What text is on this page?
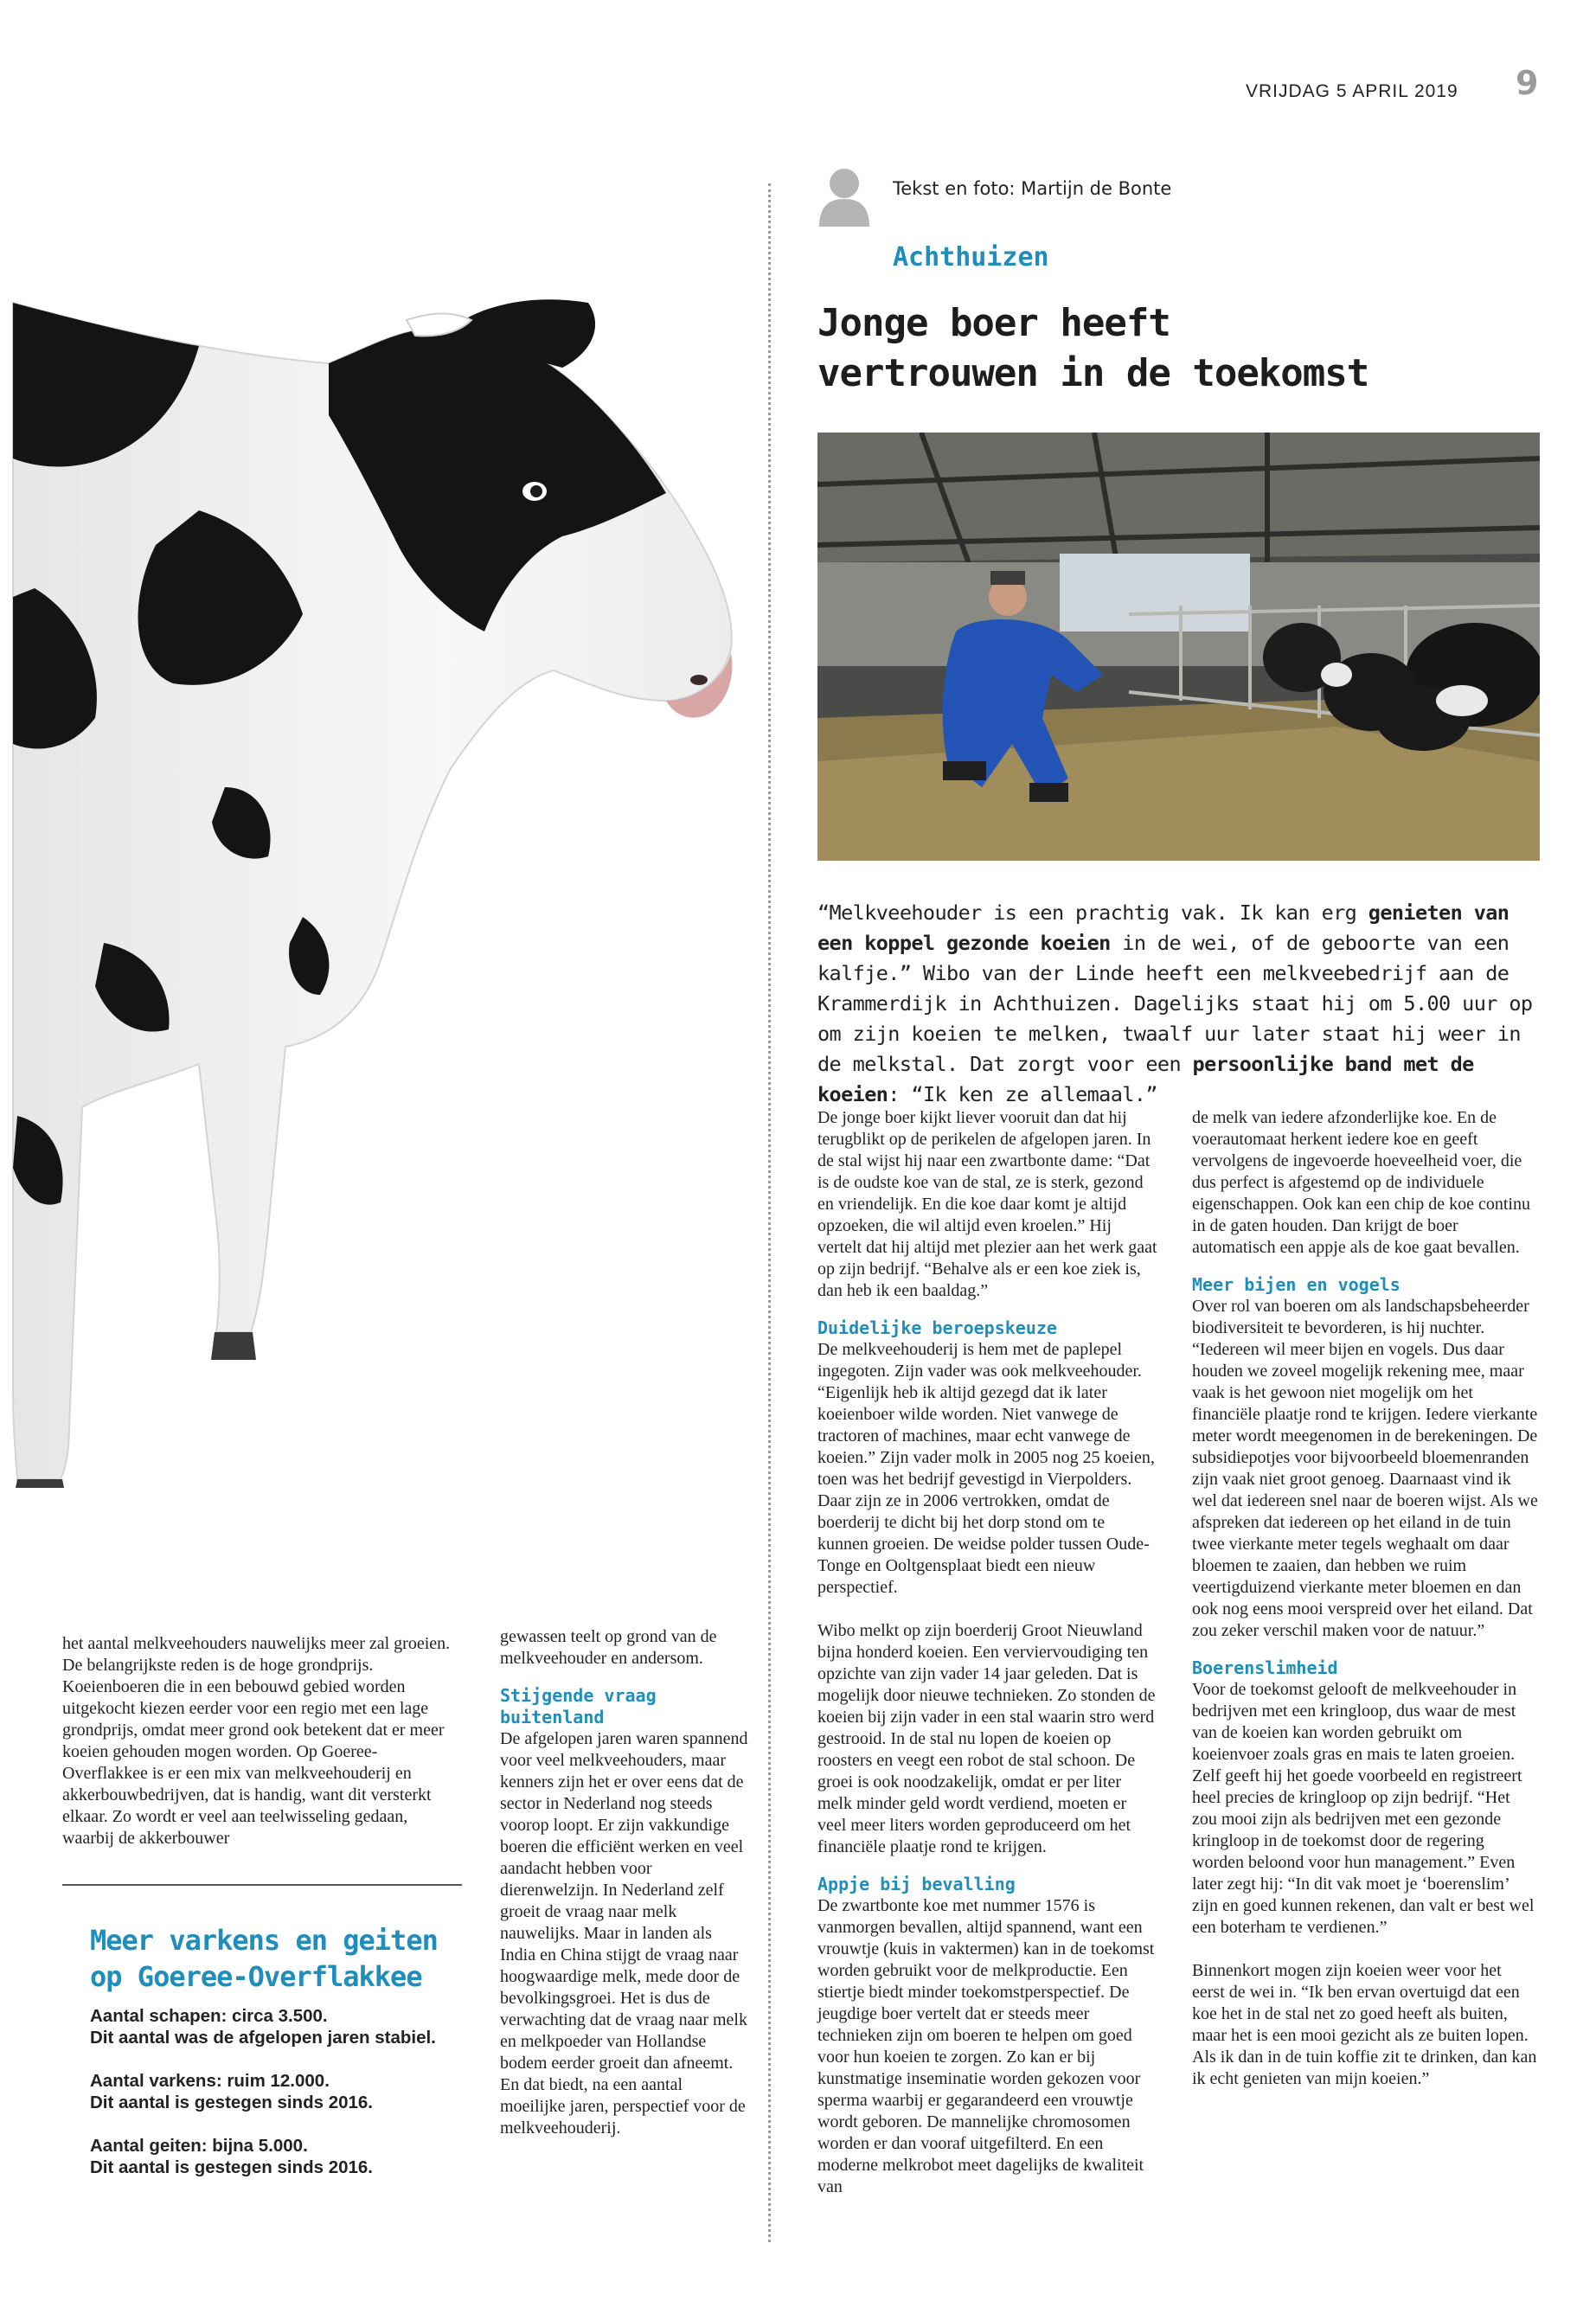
VRIJDAG 5 APRIL 2019 9
Tekst en foto: Martijn de Bonte
Achthuizen
Jonge boer heeft
vertrouwen in de toekomst
“Melkveehouder is een prachtig vak. Ik kan erg genieten van een koppel gezonde koeien in de wei, of de geboorte van een kalfje.” Wibo van der Linde heeft een melkveebedrijf aan de Krammerdijk in Achthuizen. Dagelijks staat hij om 5.00 uur op om zijn koeien te melken, twaalf uur later staat hij weer in de melkstal. Dat zorgt voor een persoonlijke band met de koeien: “Ik ken ze allemaal.”

De jonge boer kijkt liever vooruit dan dat hij terugblikt op de perikelen de afgelopen jaren. In de stal wijst hij naar een zwartbonte dame: “Dat is de oudste koe van de stal, ze is sterk, gezond en vriendelijk. En die koe daar komt je altijd opzoeken, die wil altijd even kroelen.” Hij vertelt dat hij altijd met plezier aan het werk gaat op zijn bedrijf. “Behalve als er een koe ziek is, dan heb ik een baaldag.”

Duidelijke beroepskeuze

De melkveehouderij is hem met de paplepel ingegoten. Zijn vader was ook melkveehouder. “Eigenlijk heb ik altijd gezegd dat ik later koeienboer wilde worden. Niet vanwege de tractoren of machines, maar echt vanwege de koeien.” Zijn vader molk in 2005 nog 25 koeien, toen was het bedrijf gevestigd in Vierpolders. Daar zijn ze in 2006 vertrokken, omdat de boerderij te dicht bij het dorp stond om te kunnen groeien. De weidse polder tussen Oude-Tonge en Ooltgensplaat biedt een nieuw perspectief.

Wibo melkt op zijn boerderij Groot Nieuwland bijna honderd koeien. Een verviervoudiging ten opzichte van zijn vader 14 jaar geleden. Dat is mogelijk door nieuwe technieken. Zo stonden de koeien bij zijn vader in een stal waarin stro werd gestrooid. In de stal nu lopen de koeien op roosters en veegt een robot de stal schoon. De groei is ook noodzakelijk, omdat er per liter melk minder geld wordt verdiend, moeten er veel meer liters worden geproduceerd om het financiële plaatje rond te krijgen.

Appje bij bevalling

De zwartbonte koe met nummer 1576 is vanmorgen bevallen, altijd spannend, want een vrouwtje (kuis in vaktermen) kan in de toekomst worden gebruikt voor de melkproductie. Een stiertje biedt minder toekomstperspectief. De jeugdige boer vertelt dat er steeds meer technieken zijn om boeren te helpen om goed voor hun koeien te zorgen. Zo kan er bij kunstmatige inseminatie worden gekozen voor sperma waarbij er gegarandeerd een vrouwtje wordt geboren. De mannelijke chromosomen worden er dan vooraf uitgefilterd. En een moderne melkrobot meet dagelijks de kwaliteit van

de melk van iedere afzonderlijke koe. En de voerautomaat herkent iedere koe en geeft vervolgens de ingevoerde hoeveelheid voer, die dus perfect is afgestemd op de individuele eigenschappen. Ook kan een chip de koe continu in de gaten houden. Dan krijgt de boer automatisch een appje als de koe gaat bevallen.

Meer bijen en vogels

Over rol van boeren om als landschapsbeheerder biodiversiteit te bevorderen, is hij nuchter. “Iedereen wil meer bijen en vogels. Dus daar houden we zoveel mogelijk rekening mee, maar vaak is het gewoon niet mogelijk om het financiële plaatje rond te krijgen. Iedere vierkante meter wordt meegenomen in de berekeningen. De subsidiepotjes voor bijvoorbeeld bloemenranden zijn vaak niet groot genoeg. Daarnaast vind ik wel dat iedereen snel naar de boeren wijst. Als we afspreken dat iedereen op het eiland in de tuin twee vierkante meter tegels weghaalt om daar bloemen te zaaien, dan hebben we ruim veertigduizend vierkante meter bloemen en dan ook nog eens mooi verspreid over het eiland. Dat zou zeker verschil maken voor de natuur.”

Boerenslimheid

Voor de toekomst gelooft de melkveehouder in bedrijven met een kringloop, dus waar de mest van de koeien kan worden gebruikt om koeienvoer zoals gras en mais te laten groeien. Zelf geeft hij het goede voorbeeld en registreert heel precies de kringloop op zijn bedrijf. “Het zou mooi zijn als bedrijven met een gezonde kringloop in de toekomst door de regering worden beloond voor hun management.” Even later zegt hij: “In dit vak moet je ‘boerenslim’ zijn en goed kunnen rekenen, dan valt er best wel een boterham te verdienen.”

Binnenkort mogen zijn koeien weer voor het eerst de wei in. “Ik ben ervan overtuigd dat een koe het in de stal net zo goed heeft als buiten, maar het is een mooi gezicht als ze buiten lopen. Als ik dan in de tuin koffie zit te drinken, dan kan ik echt genieten van mijn koeien.”

het aantal melkveehouders nauwelijks meer zal groeien. De belangrijkste reden is de hoge grondprijs. Koeienboeren die in een bebouwd gebied worden uitgekocht kiezen eerder voor een regio met een lage grondprijs, omdat meer grond ook betekent dat er meer koeien gehouden mogen worden. Op Goeree-Overflakkee is er een mix van melkveehouderij en akkerbouwbedrijven, dat is handig, want dit versterkt elkaar. Zo wordt er veel aan teelwisseling gedaan, waarbij de akkerbouwer

gewassen teelt op grond van de melkveehouder en andersom.

Stijgende vraag buitenland

De afgelopen jaren waren spannend voor veel melkveehouders, maar kenners zijn het er over eens dat de sector in Nederland nog steeds voorop loopt. Er zijn vakkundige boeren die efficiënt werken en veel aandacht hebben voor dierenwelzijn. In Nederland zelf groeit de vraag naar melk nauwelijks. Maar in landen als India en China stijgt de vraag naar hoogwaardige melk, mede door de bevolkingsgroei. Het is dus de verwachting dat de vraag naar melk en melkpoeder van Hollandse bodem eerder groeit dan afneemt. En dat biedt, na een aantal moeilijke jaren, perspectief voor de melkveehouderij.

Meer varkens en geiten
op Goeree-Overflakkee

Aantal schapen: circa 3.500.

Dit aantal was de afgelopen jaren stabiel.

Aantal varkens: ruim 12.000.

Dit aantal is gestegen sinds 2016.

Aantal geiten: bijna 5.000.

Dit aantal is gestegen sinds 2016.
